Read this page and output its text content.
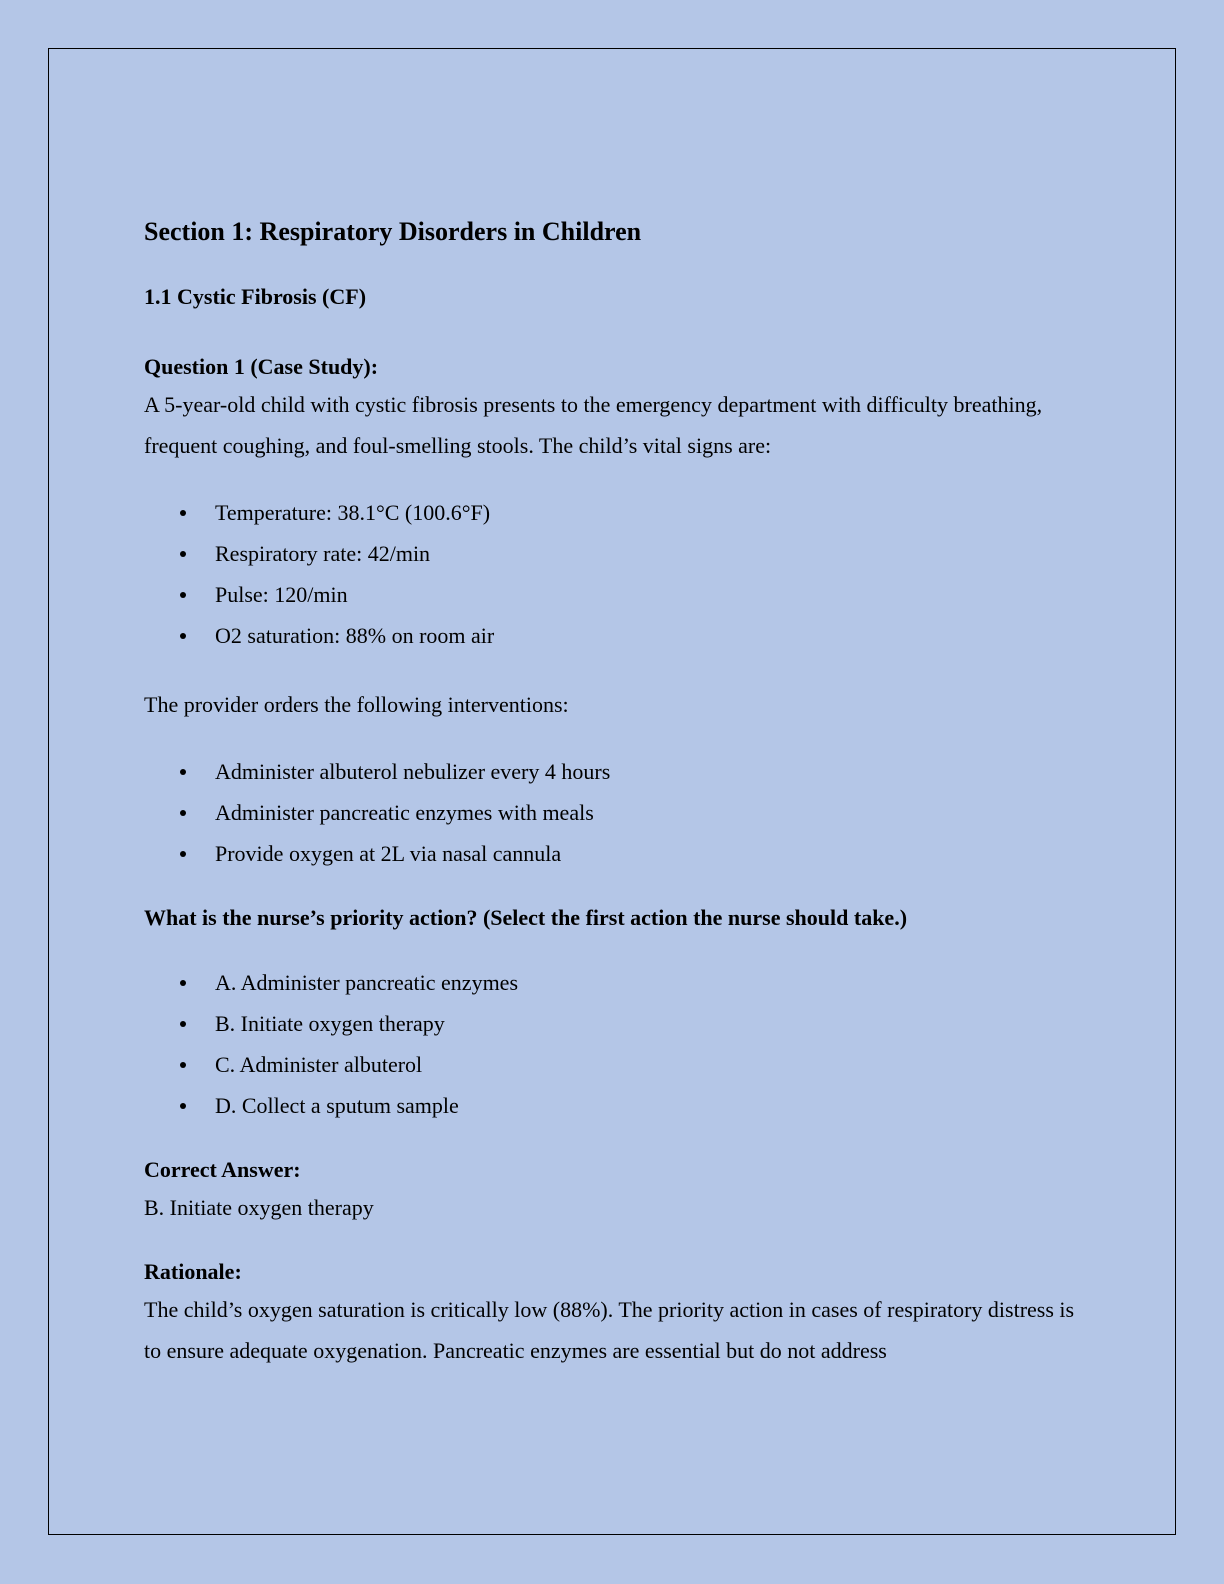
Section 1: Respiratory Disorders in Children
1.1 Cystic Fibrosis (CF)

Question 1 (Case Study):

A 5-year-old child with cystic fibrosis presents to the emergency department with difficulty breathing, frequent coughing, and foul-smelling stools. The child’s vital signs are:

Temperature: 38.1°C (100.6°F)
Respiratory rate: 42/min
Pulse: 120/min
O2 saturation: 88% on room air

The provider orders the following interventions:

Administer albuterol nebulizer every 4 hours
Administer pancreatic enzymes with meals
Provide oxygen at 2L via nasal cannula

What is the nurse’s priority action? (Select the first action the nurse should take.)

A. Administer pancreatic enzymes
B. Initiate oxygen therapy
C. Administer albuterol
D. Collect a sputum sample

Correct Answer:

B. Initiate oxygen therapy

Rationale:

The child’s oxygen saturation is critically low (88%). The priority action in cases of respiratory distress is to ensure adequate oxygenation. Pancreatic enzymes are essential but do not address
